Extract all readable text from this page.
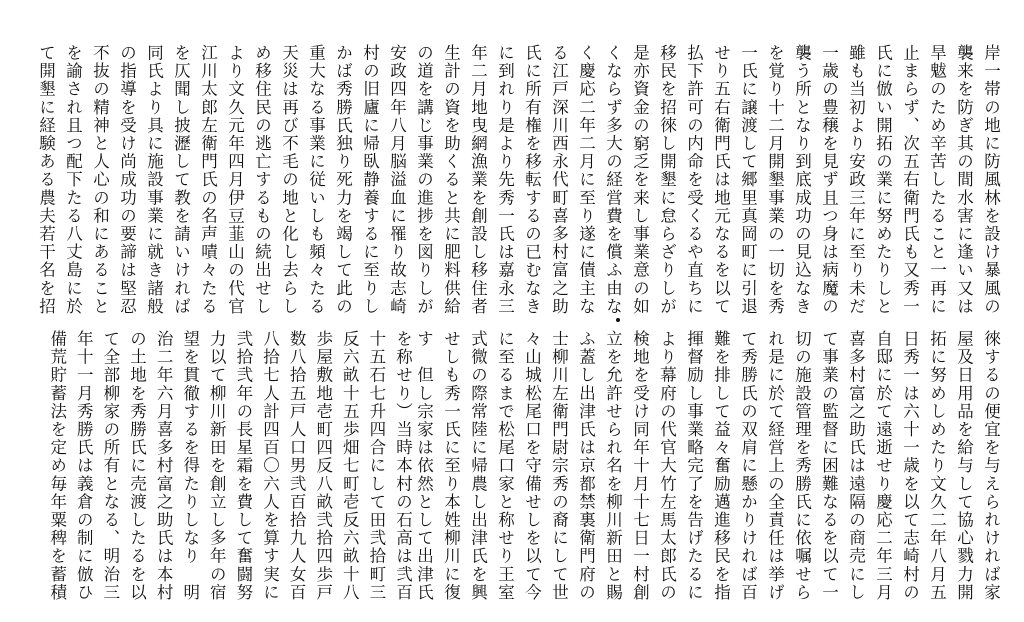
岸一帯の地に防風林を設け暴風の
襲来を防ぎ其の間水害に逢い又は
旱魃のため辛苦したること一再に
止まらず、次五右衛門氏も又秀一
氏に倣い開拓の業に努めたりしと
雖も当初より安政三年に至り未だ
一歳の豊穣を見ず且つ身は病魔の
襲う所となり到底成功の見込なき
を覚り十二月開墾事業の一切を秀
一氏に譲渡して郷里真岡町に引退
せり五右衛門氏は地元なるを以て
払下許可の内命を受くるや直ちに
移民を招徠し開墾に怠らざりしが
是亦資金の窮乏を来し事業意の如
くならず多大の経営費を償ふ由な
く慶応二年二月に至り遂に債主な
る江戸深川西永代町喜多村富之助
氏に所有権を移転するの已むなき
に到れり是より先秀一氏は嘉永三
年二月地曳網漁業を創設し移住者
生計の資を助くると共に肥料供給
の道を講じ事業の進捗を図りしが
安政四年八月脳溢血に罹り故志崎
村の旧廬に帰臥静養するに至りし
かば秀勝氏独り死力を竭して此の
重大なる事業に従いしも頻々たる
天災は再び不毛の地と化し去らし
め移住民の逃亡するもの続出せし
より文久元年四月伊豆韮山の代官
江川太郎左衛門氏の名声嘖々たる
を仄聞し披瀝して教を請いければ
同氏より具に施設事業に就き諸般
の指導を受け尚成功の要諦は堅忍
不抜の精神と人心の和にあること
を諭され且つ配下たる八丈島に於
て開墾に経験ある農夫若干名を招
徠するの便宜を与えられければ家
屋及日用品を給与して協心戮力開
拓に努めしめたり文久二年八月五
日秀一は六十一歳を以て志崎村の
自邸に於て遠逝せり慶応二年三月
喜多村富之助氏は遠隔の商売にし
て事業の監督に困難なるを以て一
切の施設管理を秀勝氏に依嘱せら
れ是に於て経営上の全責任は挙げ
て秀勝氏の双肩に懸かりければ百
難を排して益々奮励邁進移民を指
揮督励し事業略完了を告げたるに
より幕府の代官大竹左馬太郎氏の
検地を受け同年十月十七日一村創
立を允許せられ名を柳川新田と賜
ふ蓋し出津氏は京都禁裏衛門府の
士柳川左衛門尉宗秀の裔にして世
々山城松尾口を守備せしを以て今
に至るまで松尾口家と称せり王室
式微の際常陸に帰農し出津氏を興
せしも秀一氏に至り本姓柳川に復
す　但し宗家は依然として出津氏
を称せり）当時本村の石高は弐百
十五石七升四合にして田弐拾町三
反六畝十五歩畑七町壱反六畝十八
歩屋敷地壱町四反八畝弐拾四歩戸
数八拾五戸人口男弐百拾九人女百
八拾七人計四百〇六人を算す実に
弐拾弐年の長星霜を費して奮闘努
力以て柳川新田を創立し多年の宿
望を貫徹するを得たりしなり　明
治二年六月喜多村富之助氏は本村
の土地を秀勝氏に売渡したるを以
て全部柳家の所有となる、明治三
年十一月秀勝氏は義倉の制に倣ひ
備荒貯蓄法を定め毎年粟稗を蓄積
